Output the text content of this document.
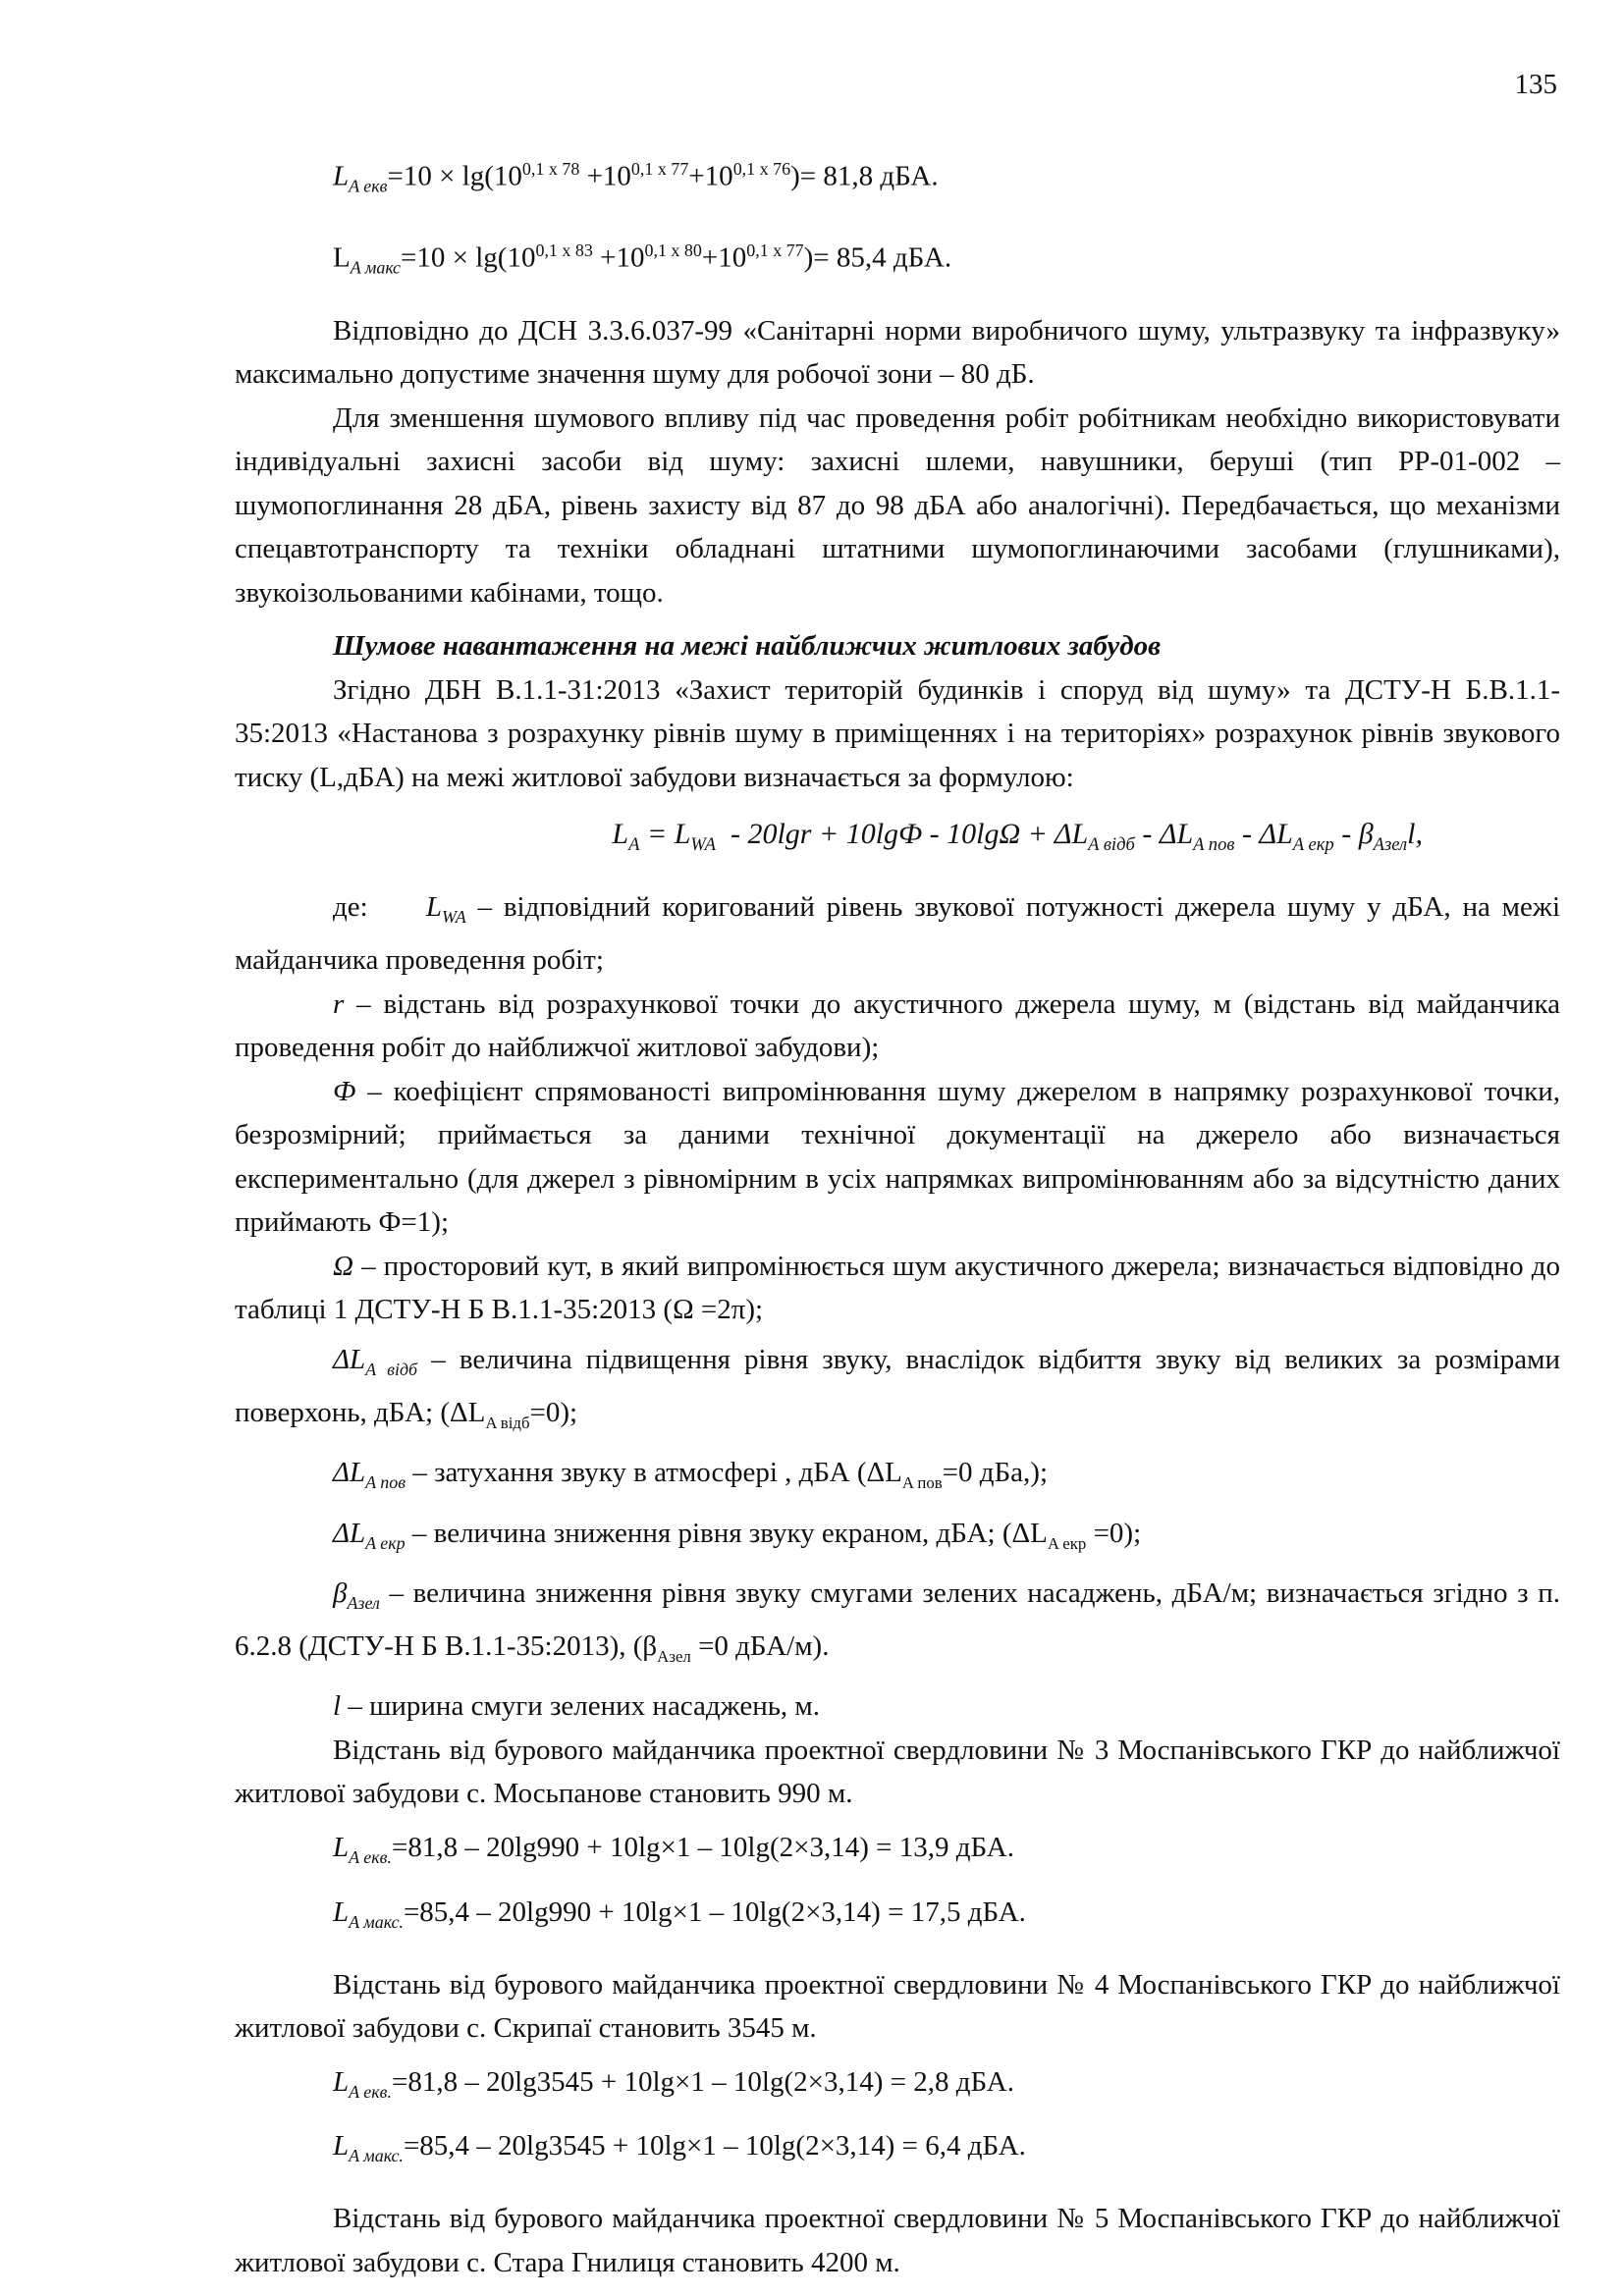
135

$L_{A екв}=10 \times \lg(10^{0,1 х 78} +10^{0,1 х 77}+10^{0,1 х 76})= 81,8$ дБА.

$L_{A макс}=10 \times \lg(10^{0,1 х 83} +10^{0,1 х 80}+10^{0,1 х 77})= 85,4$ дБА.

Відповідно до ДСН 3.3.6.037-99 «Санітарні норми виробничого шуму, ультразвуку та інфразвуку» максимально допустиме значення шуму для робочої зони – 80 дБ.

Для зменшення шумового впливу під час проведення робіт робітникам необхідно використовувати індивідуальні захисні засоби від шуму: захисні шлеми, навушники, беруші (тип РР-01-002 – шумопоглинання 28 дБА, рівень захисту від 87 до 98 дБА або аналогічні). Передбачається, що механізми спецавтотранспорту та техніки обладнані штатними шумопоглинаючими засобами (глушниками), звукоізольованими кабінами, тощо.

Шумове навантаження на межі найближчих житлових забудов

Згідно ДБН В.1.1-31:2013 «Захист територій будинків і споруд від шуму» та ДСТУ-Н Б.В.1.1-35:2013 «Настанова з розрахунку рівнів шуму в приміщеннях і на територіях» розрахунок рівнів звукового тиску (L,дБА) на межі житлової забудови визначається за формулою:

$L_A = L_{WA} - 20\lg r + 10\lg Ф - 10\lg\Omega + \Delta L_{A відб} - \Delta L_{A пов} - \Delta L_{A екр} - \beta_{Азел}l$,

де: $L_{WA}$ – відповідний коригований рівень звукової потужності джерела шуму у дБА, на межі майданчика проведення робіт;

r – відстань від розрахункової точки до акустичного джерела шуму, м (відстань від майданчика проведення робіт до найближчої житлової забудови);

Ф – коефіцієнт спрямованості випромінювання шуму джерелом в напрямку розрахункової точки, безрозмірний; приймається за даними технічної документації на джерело або визначається експериментально (для джерел з рівномірним в усіх напрямках випромінюванням або за відсутністю даних приймають Ф=1);

Ω – просторовий кут, в який випромінюється шум акустичного джерела; визначається відповідно до таблиці 1 ДСТУ-Н Б В.1.1-35:2013 (Ω =2π);

$\Delta L_{A відб}$ – величина підвищення рівня звуку, внаслідок відбиття звуку від великих за розмірами поверхонь, дБА; $(\Delta L_{A відб}=0)$;

$\Delta L_{A пов}$ – затухання звуку в атмосфері , дБА ($\Delta L_{A пов}=0$ дБа,);

$\Delta L_{A екр}$ – величина зниження рівня звуку екраном, дБА; $(\Delta L_{A екр} =0)$;

$\beta_{Азел}$ – величина зниження рівня звуку смугами зелених насаджень, дБА/м; визначається згідно з п. 6.2.8 (ДСТУ-Н Б В.1.1-35:2013), ($\beta_{Азел} =0$ дБА/м).

l – ширина смуги зелених насаджень, м.

Відстань від бурового майданчика проектної свердловини № 3 Моспанівського ГКР до найближчої житлової забудови с. Мосьпанове становить 990 м.

$L_{A екв.}=81,8 - 20\lg 990 + 10\lg\times 1 - 10\lg(2\times 3,14) = 13,9$ дБА.

$L_{A макс.}=85,4 - 20\lg 990 + 10\lg\times 1 - 10\lg(2\times 3,14) = 17,5$ дБА.

Відстань від бурового майданчика проектної свердловини № 4 Моспанівського ГКР до найближчої житлової забудови с. Скрипаї становить 3545 м.

$L_{A екв.}=81,8 - 20\lg 3545 + 10\lg\times 1 - 10\lg(2\times 3,14) = 2,8$ дБА.

$L_{A макс.}=85,4 - 20\lg 3545 + 10\lg\times 1 - 10\lg(2\times 3,14) = 6,4$ дБА.

Відстань від бурового майданчика проектної свердловини № 5 Моспанівського ГКР до найближчої житлової забудови с. Стара Гнилиця становить 4200 м.
